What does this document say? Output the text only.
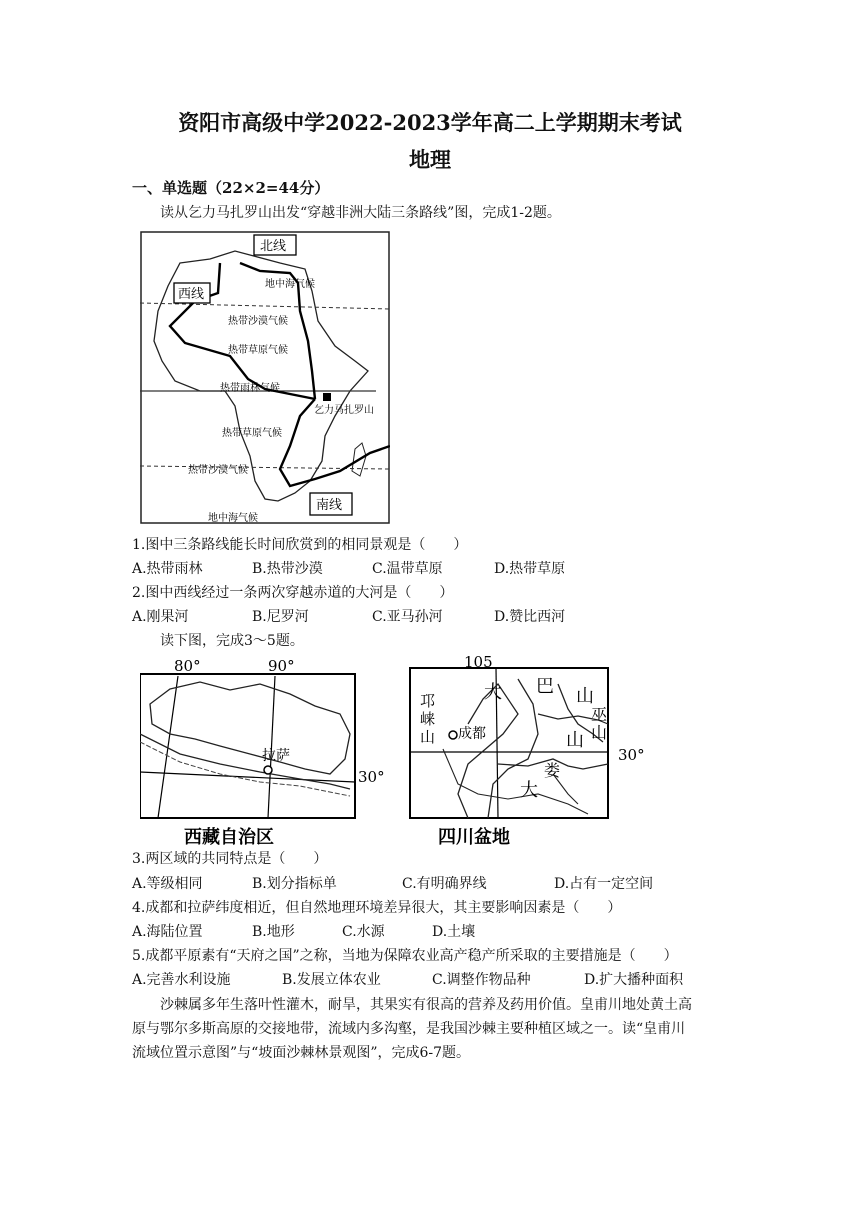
资阳市高级中学2022-2023学年高二上学期期末考试
地理
一、单选题（22×2=44分）
读从乞力马扎罗山出发“穿越非洲大陆三条路线”图，完成1-2题。
北线
西线
南线
地中海气候
热带沙漠气候
热带草原气候
热带雨林气候
乞力马扎罗山
热带草原气候
热带沙漠气候
地中海气候
1.图中三条路线能长时间欣赏到的相同景观是（　　）
A.热带雨林	B.热带沙漠	C.温带草原	D.热带草原
2.图中西线经过一条两次穿越赤道的大河是（　　）
A.刚果河	B.尼罗河	C.亚马孙河	D.赞比西河
读下图，完成3～5题。
80°	90°
30°
拉萨
西藏自治区
105
30°
邛
崃
山 成都
大 巴 山
巫
山
山
娄
大
四川盆地
3.两区域的共同特点是（　　）
A.等级相同	B.划分指标单	C.有明确界线	D.占有一定空间
4.成都和拉萨纬度相近，但自然地理环境差异很大，其主要影响因素是（　　）
A.海陆位置	B.地形	C.水源	D.土壤
5.成都平原素有“天府之国”之称，当地为保障农业高产稳产所采取的主要措施是（　　）
A.完善水利设施	B.发展立体农业	C.调整作物品种	D.扩大播种面积
沙棘属多年生落叶性灌木，耐旱，其果实有很高的营养及药用价值。皇甫川地处黄土高
原与鄂尔多斯高原的交接地带，流域内多沟壑，是我国沙棘主要种植区域之一。读“皇甫川
流域位置示意图”与“坡面沙棘林景观图”，完成6-7题。
